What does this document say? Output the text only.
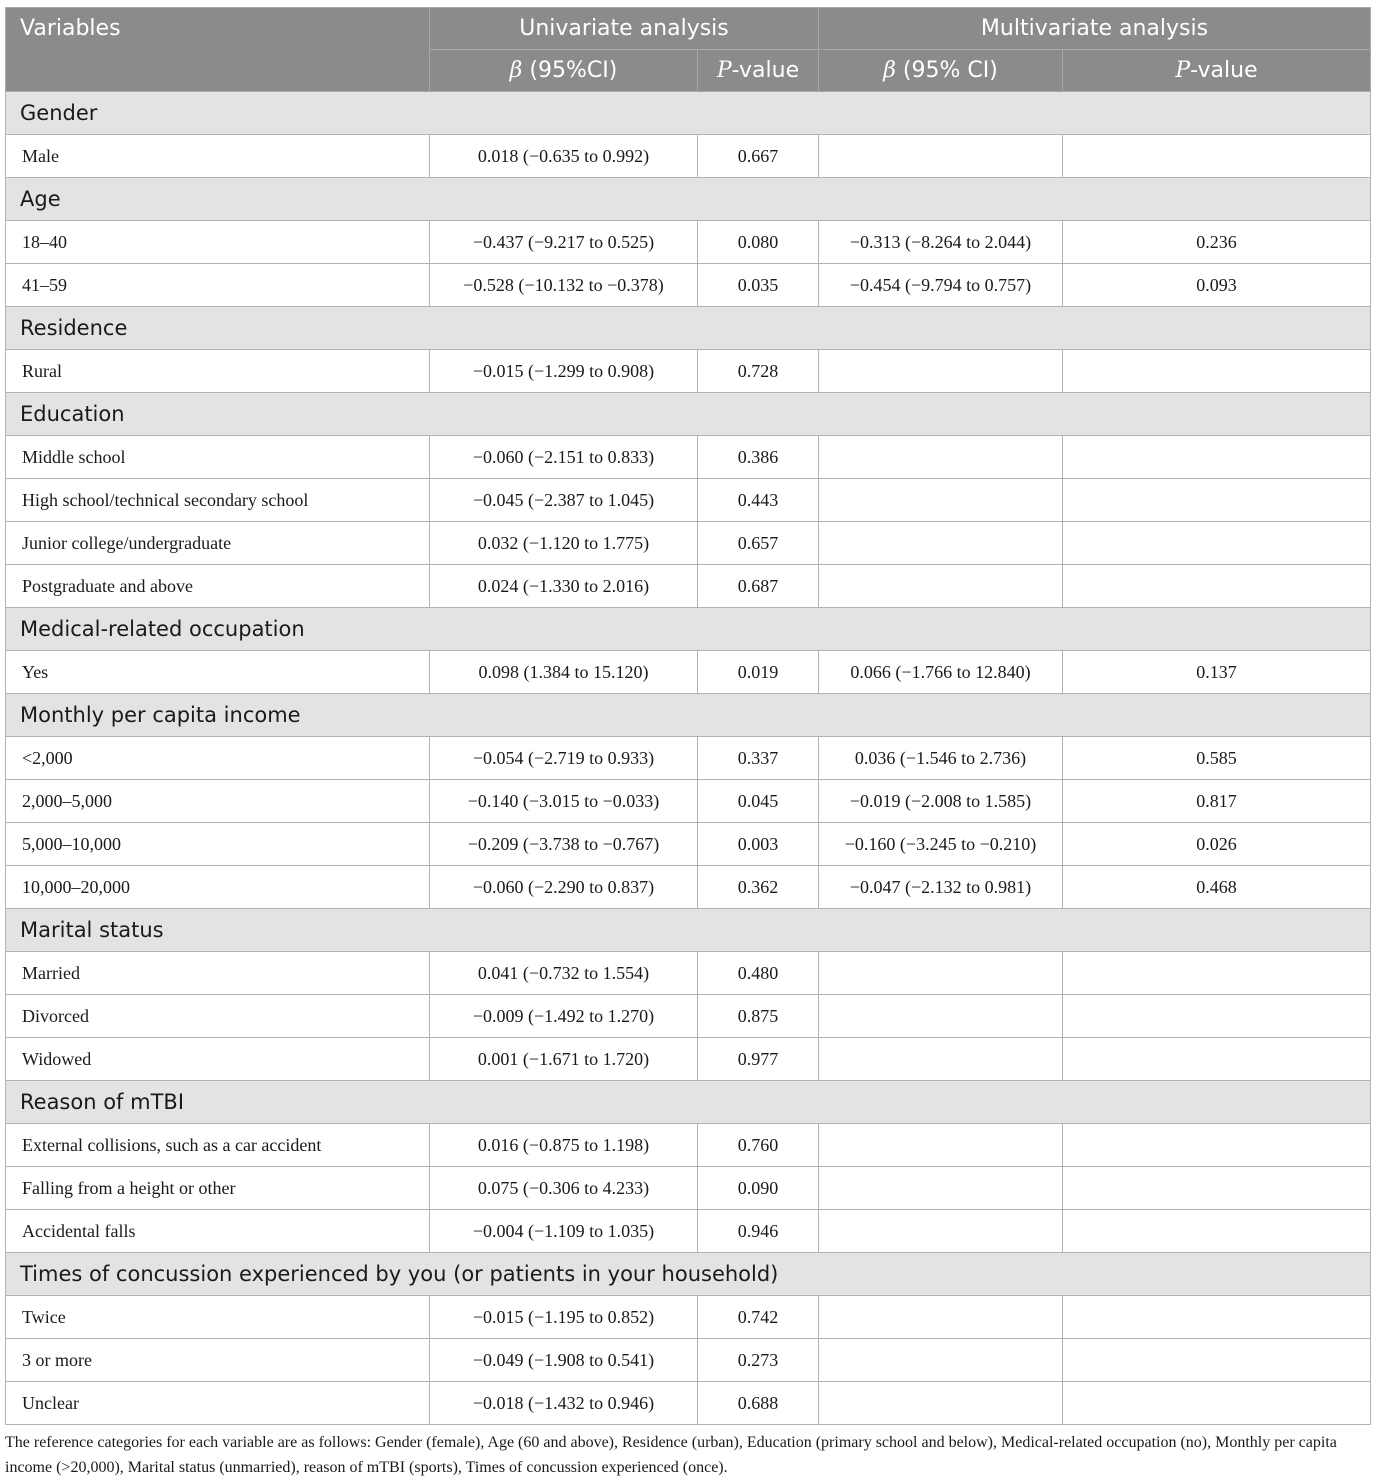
Variables	Univariate analysis		Multivariate analysis	
	β (95%CI)	P-value	β (95% CI)	P-value
Gender				
Male	0.018 (−0.635 to 0.992)	0.667		
Age				
18–40	−0.437 (−9.217 to 0.525)	0.080	−0.313 (−8.264 to 2.044)	0.236
41–59	−0.528 (−10.132 to −0.378)	0.035	−0.454 (−9.794 to 0.757)	0.093
Residence				
Rural	−0.015 (−1.299 to 0.908)	0.728		
Education				
Middle school	−0.060 (−2.151 to 0.833)	0.386		
High school/technical secondary school	−0.045 (−2.387 to 1.045)	0.443		
Junior college/undergraduate	0.032 (−1.120 to 1.775)	0.657		
Postgraduate and above	0.024 (−1.330 to 2.016)	0.687		
Medical-related occupation				
Yes	0.098 (1.384 to 15.120)	0.019	0.066 (−1.766 to 12.840)	0.137
Monthly per capita income				
<2,000	−0.054 (−2.719 to 0.933)	0.337	0.036 (−1.546 to 2.736)	0.585
2,000–5,000	−0.140 (−3.015 to −0.033)	0.045	−0.019 (−2.008 to 1.585)	0.817
5,000–10,000	−0.209 (−3.738 to −0.767)	0.003	−0.160 (−3.245 to −0.210)	0.026
10,000–20,000	−0.060 (−2.290 to 0.837)	0.362	−0.047 (−2.132 to 0.981)	0.468
Marital status				
Married	0.041 (−0.732 to 1.554)	0.480		
Divorced	−0.009 (−1.492 to 1.270)	0.875		
Widowed	0.001 (−1.671 to 1.720)	0.977		
Reason of mTBI				
External collisions, such as a car accident	0.016 (−0.875 to 1.198)	0.760		
Falling from a height or other	0.075 (−0.306 to 4.233)	0.090		
Accidental falls	−0.004 (−1.109 to 1.035)	0.946		
Times of concussion experienced by you (or patients in your household)				
Twice	−0.015 (−1.195 to 0.852)	0.742		
3 or more	−0.049 (−1.908 to 0.541)	0.273		
Unclear	−0.018 (−1.432 to 0.946)	0.688		
The reference categories for each variable are as follows: Gender (female), Age (60 and above), Residence (urban), Education (primary school and below), Medical-related occupation (no), Monthly per capita income (>20,000), Marital status (unmarried), reason of mTBI (sports), Times of concussion experienced (once).
